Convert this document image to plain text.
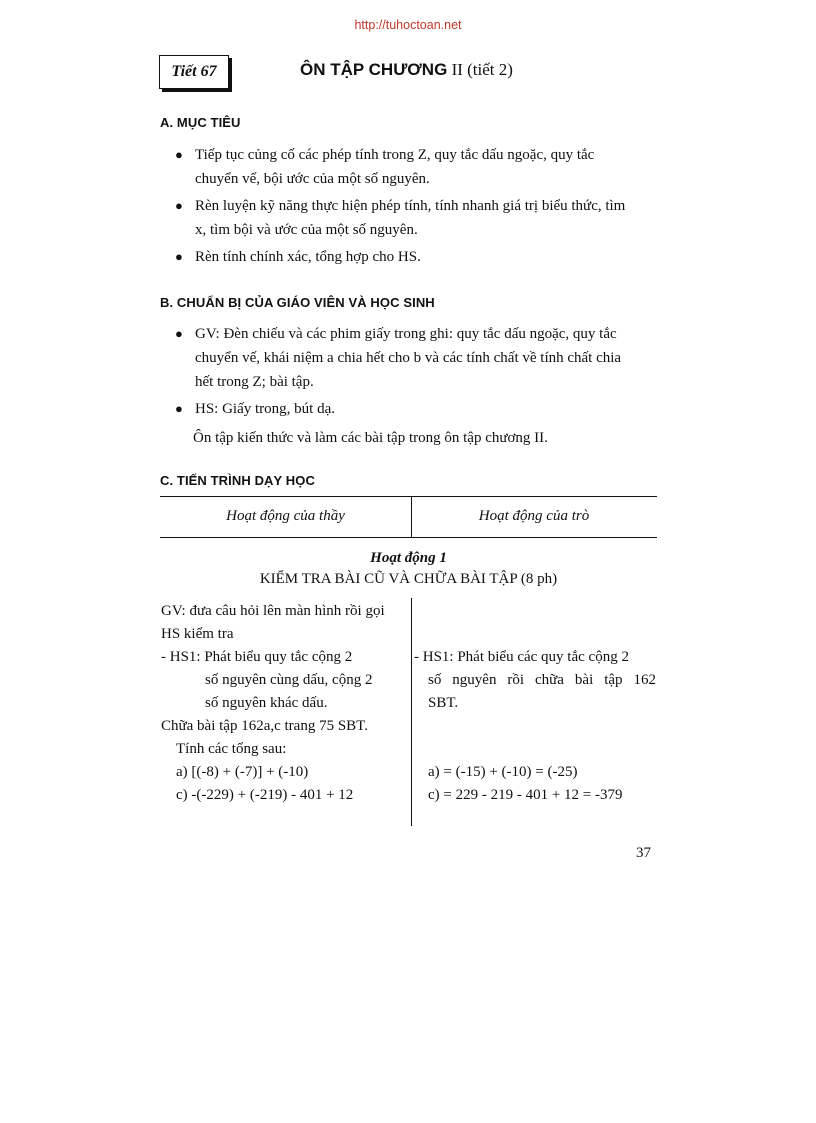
http://tuhoctoan.net
Tiết 67	ÔN TẬP CHƯƠNG II (tiết 2)
A. MỤC TIÊU
● Tiếp tục củng cố các phép tính trong Z, quy tắc dấu ngoặc, quy tắc
chuyển vế, bội ước của một số nguyên.
● Rèn luyện kỹ năng thực hiện phép tính, tính nhanh giá trị biểu thức, tìm
x, tìm bội và ước của một số nguyên.
● Rèn tính chính xác, tổng hợp cho HS.
B. CHUẨN BỊ CỦA GIÁO VIÊN VÀ HỌC SINH
● GV: Đèn chiếu và các phim giấy trong ghi: quy tắc dấu ngoặc, quy tắc
chuyển vế, khái niệm a chia hết cho b và các tính chất về tính chất chia
hết trong Z; bài tập.
● HS: Giấy trong, bút dạ.
Ôn tập kiến thức và làm các bài tập trong ôn tập chương II.
C. TIẾN TRÌNH DẠY HỌC
Hoạt động của thầy	Hoạt động của trò
Hoạt động 1
KIỂM TRA BÀI CŨ VÀ CHỮA BÀI TẬP (8 ph)
GV: đưa câu hỏi lên màn hình rồi gọi
HS kiểm tra
- HS1: Phát biểu quy tắc cộng 2
số nguyên cùng dấu, cộng 2
số nguyên khác dấu.
Chữa bài tập 162a,c trang 75 SBT.
Tính các tổng sau:
a) [(-8) + (-7)] + (-10)
c) -(-229) + (-219) - 401 + 12
- HS1: Phát biểu các quy tắc cộng 2
số nguyên rồi chữa bài tập 162
SBT.
a) = (-15) + (-10) = (-25)
c) = 229 - 219 - 401 + 12 = -379
37
